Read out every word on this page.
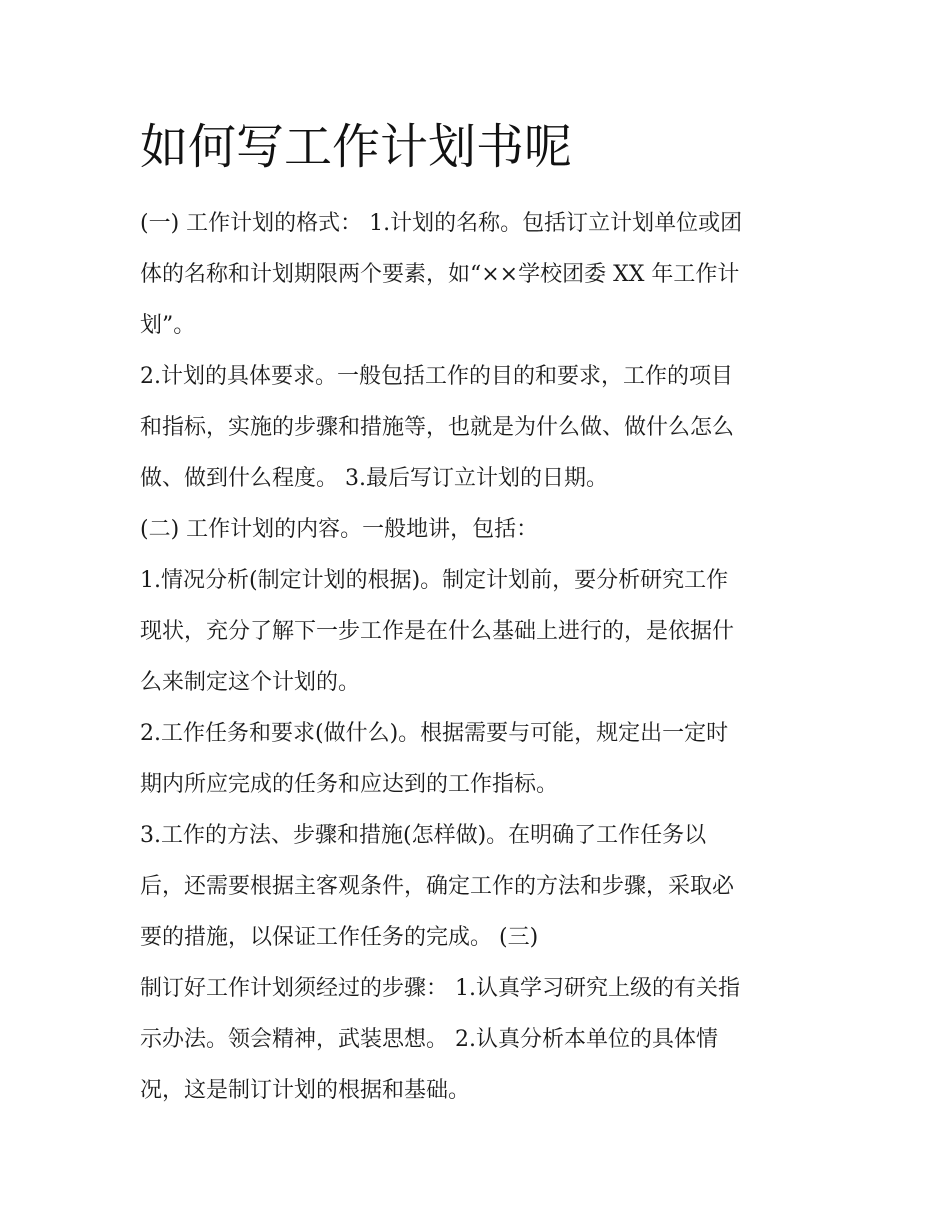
如何写工作计划书呢

(一) 工作计划的格式： 1.计划的名称。包括订立计划单位或团
体的名称和计划期限两个要素，如“××学校团委 XX 年工作计
划”。

2.计划的具体要求。一般包括工作的目的和要求，工作的项目
和指标，实施的步骤和措施等，也就是为什么做、做什么怎么
做、做到什么程度。 3.最后写订立计划的日期。

(二) 工作计划的内容。一般地讲，包括：

1.情况分析(制定计划的根据)。制定计划前，要分析研究工作
现状，充分了解下一步工作是在什么基础上进行的，是依据什
么来制定这个计划的。

2.工作任务和要求(做什么)。根据需要与可能，规定出一定时
期内所应完成的任务和应达到的工作指标。

3.工作的方法、步骤和措施(怎样做)。在明确了工作任务以
后，还需要根据主客观条件，确定工作的方法和步骤，采取必
要的措施，以保证工作任务的完成。 (三)

制订好工作计划须经过的步骤： 1.认真学习研究上级的有关指
示办法。领会精神，武装思想。 2.认真分析本单位的具体情
况，这是制订计划的根据和基础。
